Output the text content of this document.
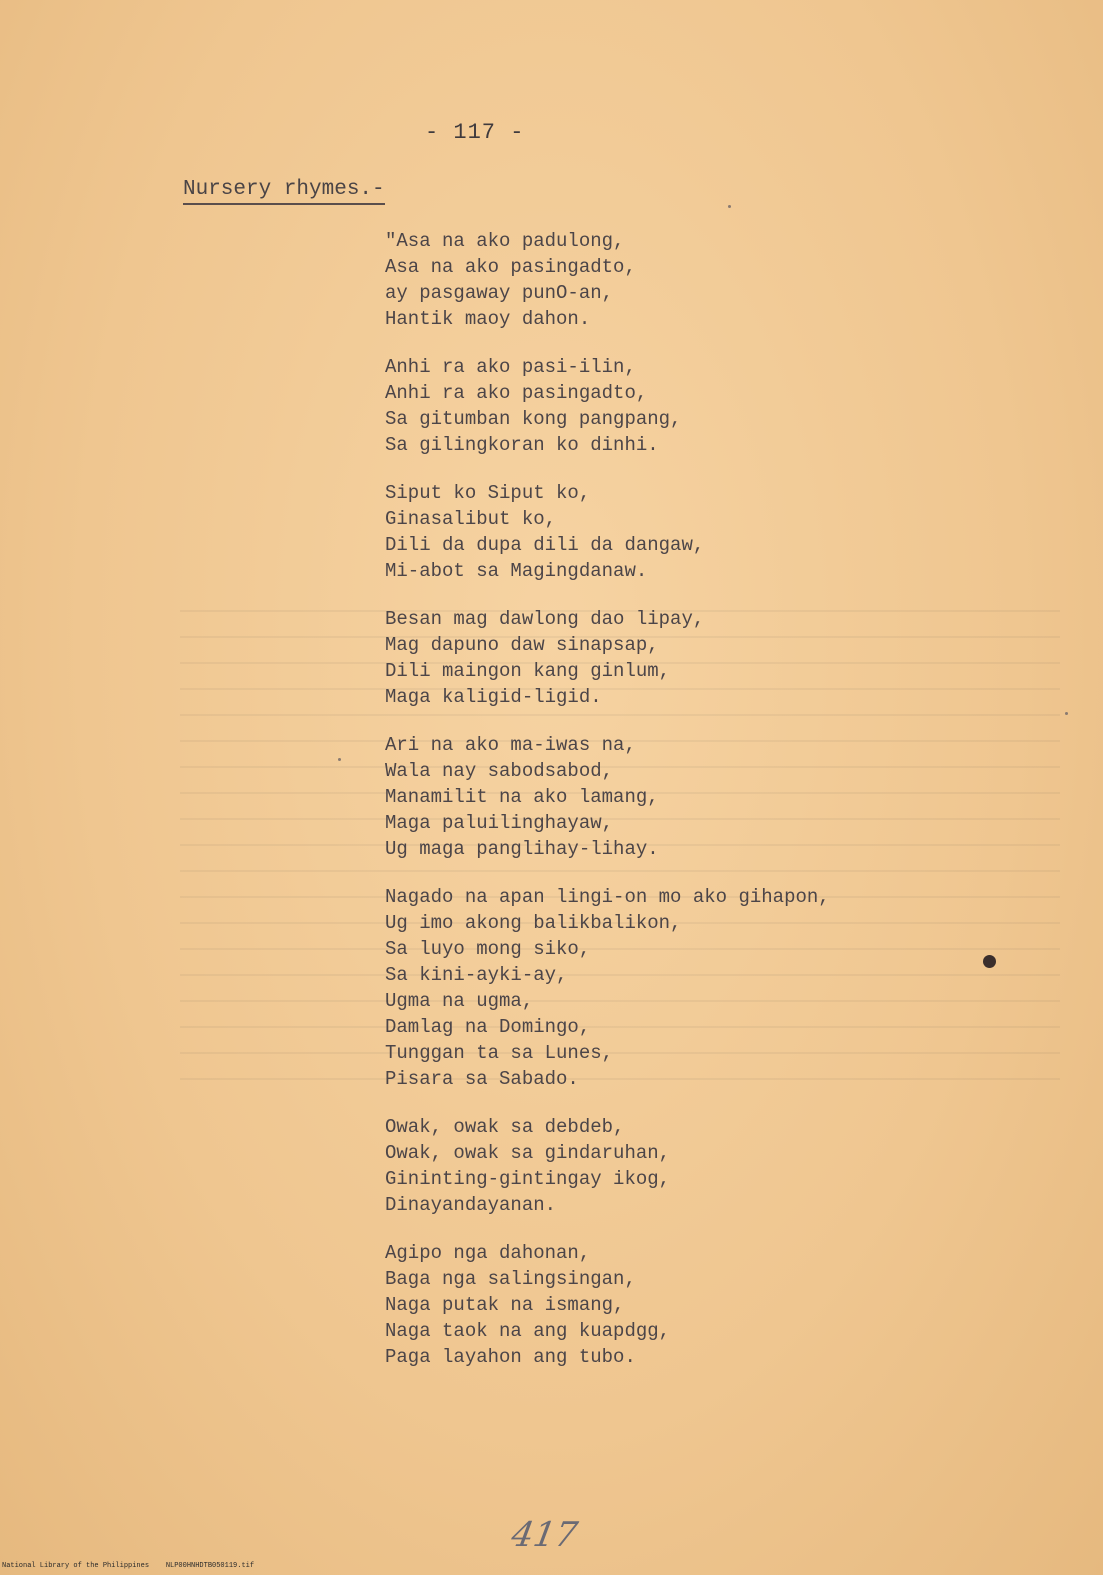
- 117 -
Nursery rhymes.-
"Asa na ako padulong,
Asa na ako pasingadto,
ay pasgaway punO-an,
Hantik maoy dahon.
Anhi ra ako pasi-ilin,
Anhi ra ako pasingadto,
Sa gitumban kong pangpang,
Sa gilingkoran ko dinhi.
Siput ko Siput ko,
Ginasalibut ko,
Dili da dupa dili da dangaw,
Mi-abot sa Magingdanaw.
Besan mag dawlong dao lipay,
Mag dapuno daw sinapsap,
Dili maingon kang ginlum,
Maga kaligid-ligid.
Ari na ako ma-iwas na,
Wala nay sabodsabod,
Manamilit na ako lamang,
Maga paluilinghayaw,
Ug maga panglihay-lihay.
Nagado na apan lingi-on mo ako gihapon,
Ug imo akong balikbalikon,
Sa luyo mong siko,
Sa kini-ayki-ay,
Ugma na ugma,
Damlag na Domingo,
Tunggan ta sa Lunes,
Pisara sa Sabado.
Owak, owak sa debdeb,
Owak, owak sa gindaruhan,
Gininting-gintingay ikog,
Dinayandayanan.
Agipo nga dahonan,
Baga nga salingsingan,
Naga putak na ismang,
Naga taok na ang kuapdgg,
Paga layahon ang tubo.
417
National Library of the Philippines    NLP00HNHDTB050119.tif
